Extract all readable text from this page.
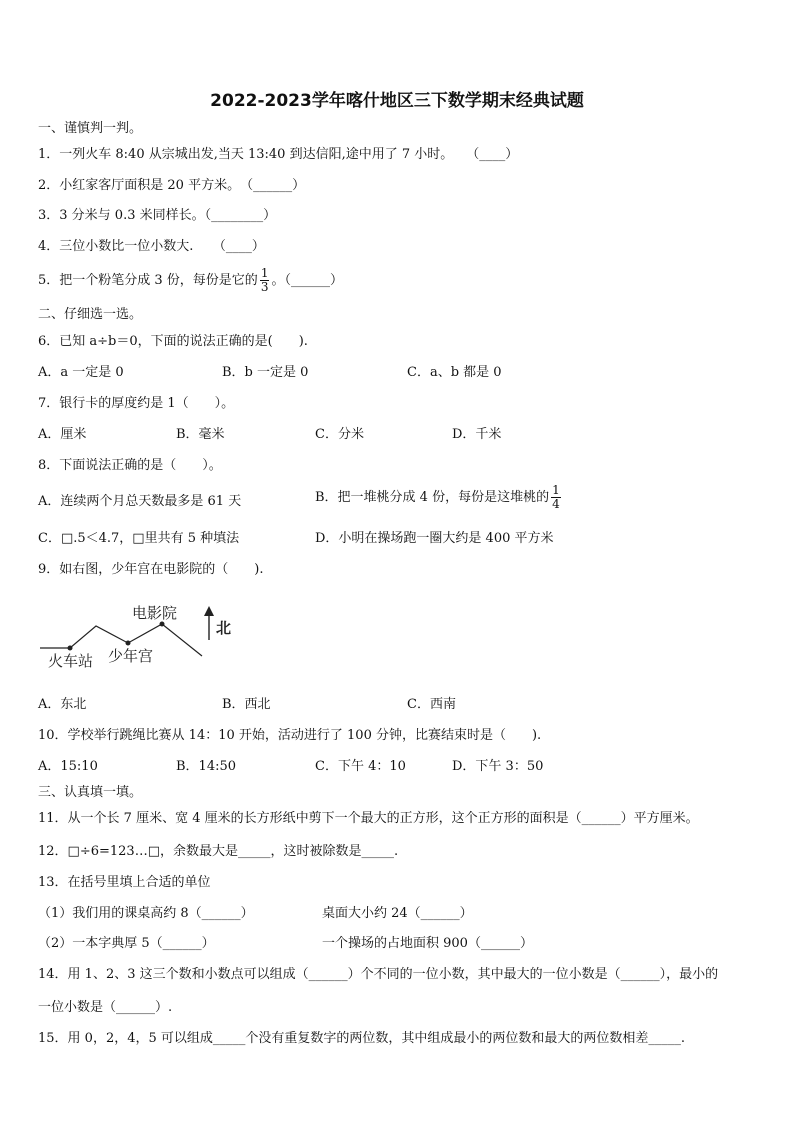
2022-2023学年喀什地区三下数学期末经典试题
一、谨慎判一判。
1．一列火车 8:40 从宗城出发,当天 13:40 到达信阳,途中用了 7 小时。　　（____）
2．小红家客厅面积是 20 平方米。　（______）
3．3 分米与 0.3 米同样长。（________）
4．三位小数比一位小数大.　　（____）
5．把一个粉笔分成 3 份，每份是它的 $\frac{1}{3}$ 。（______）
二、仔细选一选。
6．已知 a÷b＝0，下面的说法正确的是(　　).
A．a 一定是 0	B．b 一定是 0	C．a、b 都是 0
7．银行卡的厚度约是 1（　　）。
A．厘米	B．毫米	C．分米	D．千米
8．下面说法正确的是（　　）。
A．连续两个月总天数最多是 61 天	B．把一堆桃分成 4 份，每份是这堆桃的 $\frac{1}{4}$
C．□.5＜4.7，□里共有 5 种填法	D．小明在操场跑一圈大约是 400 平方米
9．如右图，少年宫在电影院的（　　).
电影院
火车站 少年宫
北
A．东北	B．西北	C．西南
10．学校举行跳绳比赛从 14：10 开始，活动进行了 100 分钟，比赛结束时是（　　).
A．15:10	B．14:50	C．下午 4：10	D．下午 3：50
三、认真填一填。
11．从一个长 7 厘米、宽 4 厘米的长方形纸中剪下一个最大的正方形，这个正方形的面积是（______）平方厘米。
12．□÷6=123…□，余数最大是_____，这时被除数是_____.
13．在括号里填上合适的单位
（1）我们用的课桌高约 8（______）	桌面大小约 24（______）
（2）一本字典厚 5（______）	一个操场的占地面积 900（______）
14．用 1、2、3 这三个数和小数点可以组成（______）个不同的一位小数，其中最大的一位小数是（______），最小的
一位小数是（______）.
15．用 0，2，4，5 可以组成_____个没有重复数字的两位数，其中组成最小的两位数和最大的两位数相差_____.
